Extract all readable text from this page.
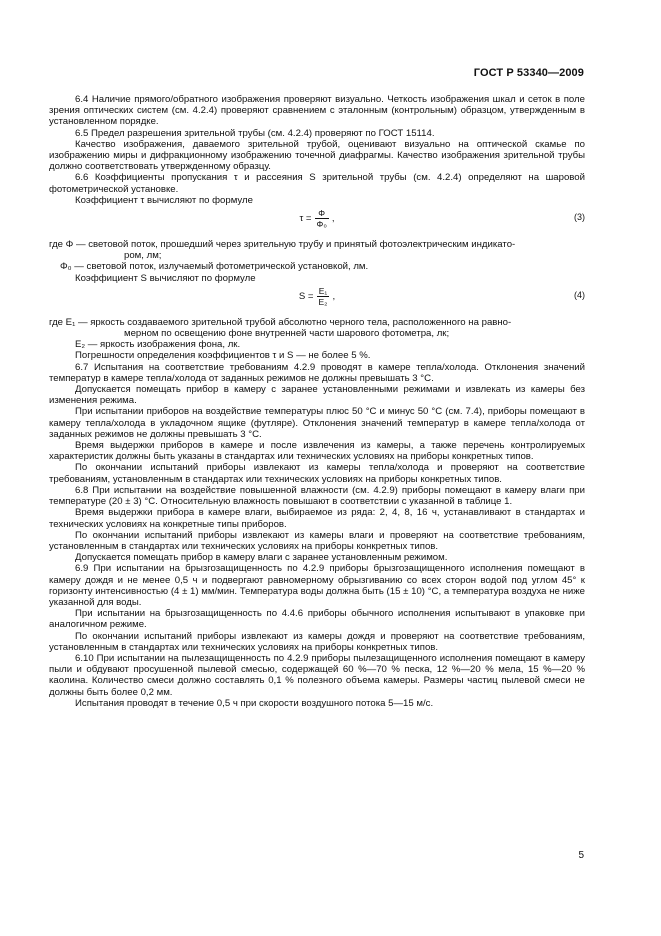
ГОСТ Р 53340—2009

6.4 Наличие прямого/обратного изображения проверяют визуально. Четкость изображения шкал и сеток в поле зрения оптических систем (см. 4.2.4) проверяют сравнением с эталонным (контрольным) образцом, утвержденным в установленном порядке.

6.5 Предел разрешения зрительной трубы (см. 4.2.4) проверяют по ГОСТ 15114.

Качество изображения, даваемого зрительной трубой, оценивают визуально на оптической скамье по изображению миры и дифракционному изображению точечной диафрагмы. Качество изображения зрительной трубы должно соответствовать утвержденному образцу.

6.6 Коэффициенты пропускания τ и рассеяния S зрительной трубы (см. 4.2.4) определяют на шаровой фотометрической установке.

Коэффициент τ вычисляют по формуле

$\tau = \frac{\Phi}{\text{Φ₀}}$ ,	(3)

где Φ — световой поток, прошедший через зрительную трубу и принятый фотоэлектрическим индикато-

ром, лм;

Φ₀ — световой поток, излучаемый фотометрической установкой, лм.

Коэффициент S вычисляют по формуле

$S = \frac{\text{E₁}}{\text{E₂}}$ ,	(4)

где E₁ — яркость создаваемого зрительной трубой абсолютно черного тела, расположенного на равно-

мерном по освещению фоне внутренней части шарового фотометра, лк;

E₂ — яркость изображения фона, лк.

Погрешности определения коэффициентов τ и S — не более 5 %.

6.7 Испытания на соответствие требованиям 4.2.9 проводят в камере тепла/холода. Отклонения значений температур в камере тепла/холода от заданных режимов не должны превышать 3 °С.

Допускается помещать прибор в камеру с заранее установленными режимами и извлекать из камеры без изменения режима.

При испытании приборов на воздействие температуры плюс 50 °С и минус 50 °С (см. 7.4), приборы помещают в камеру тепла/холода в укладочном ящике (футляре). Отклонения значений температур в камере тепла/холода от заданных режимов не должны превышать 3 °С.

Время выдержки приборов в камере и после извлечения из камеры, а также перечень контролируемых характеристик должны быть указаны в стандартах или технических условиях на приборы конкретных типов.

По окончании испытаний приборы извлекают из камеры тепла/холода и проверяют на соответствие требованиям, установленным в стандартах или технических условиях на приборы конкретных типов.

6.8 При испытании на воздействие повышенной влажности (см. 4.2.9) приборы помещают в камеру влаги при температуре (20 ± 3) °С. Относительную влажность повышают в соответствии с указанной в таблице 1.

Время выдержки прибора в камере влаги, выбираемое из ряда: 2, 4, 8, 16 ч, устанавливают в стандартах и технических условиях на конкретные типы приборов.

По окончании испытаний приборы извлекают из камеры влаги и проверяют на соответствие требованиям, установленным в стандартах или технических условиях на приборы конкретных типов.

Допускается помещать прибор в камеру влаги с заранее установленным режимом.

6.9 При испытании на брызгозащищенность по 4.2.9 приборы брызгозащищенного исполнения помещают в камеру дождя и не менее 0,5 ч и подвергают равномерному обрызгиванию со всех сторон водой под углом 45° к горизонту интенсивностью (4 ± 1) мм/мин. Температура воды должна быть (15 ± 10) °С, а температура воздуха не ниже указанной для воды.

При испытании на брызгозащищенность по 4.4.6 приборы обычного исполнения испытывают в упаковке при аналогичном режиме.

По окончании испытаний приборы извлекают из камеры дождя и проверяют на соответствие требованиям, установленным в стандартах или технических условиях на приборы конкретных типов.

6.10 При испытании на пылезащищенность по 4.2.9 приборы пылезащищенного исполнения помещают в камеру пыли и обдувают просушенной пылевой смесью, содержащей 60 %—70 % песка, 12 %—20 % мела, 15 %—20 % каолина. Количество смеси должно составлять 0,1 % полезного объема камеры. Размеры частиц пылевой смеси не должны быть более 0,2 мм.

Испытания проводят в течение 0,5 ч при скорости воздушного потока 5—15 м/с.

5
